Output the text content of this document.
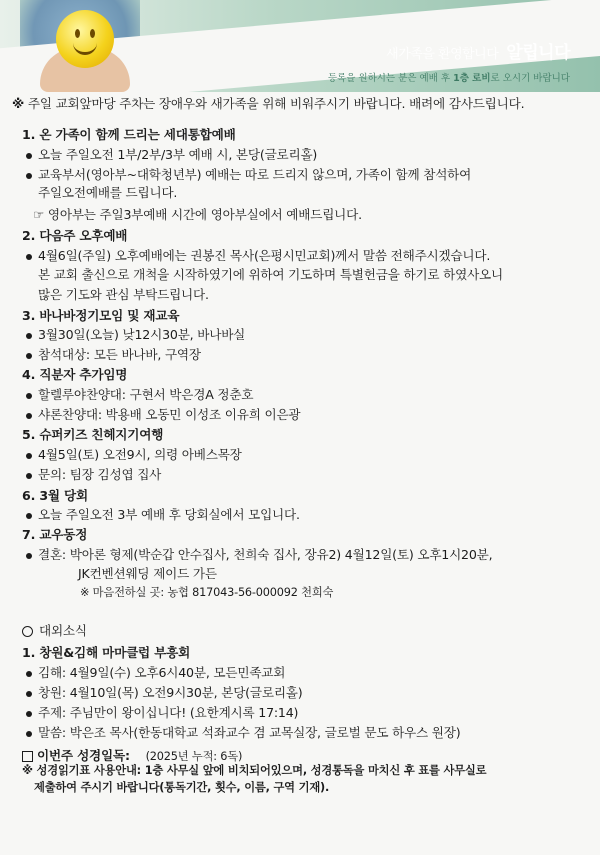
새가족을 환영합니다 알립니다
등록을 원하시는 분은 예배 후 1층 로비로 오시기 바랍니다
※ 주일 교회앞마당 주차는 장애우와 새가족을 위해 비워주시기 바랍니다. 배려에 감사드립니다.
1. 온 가족이 함께 드리는 세대통합예배
오늘 주일오전 1부/2부/3부 예배 시, 본당(글로리홀)
교육부서(영아부~대학청년부) 예배는 따로 드리지 않으며, 가족이 함께 참석하여
주일오전예배를 드립니다.
☞ 영아부는 주일3부예배 시간에 영아부실에서 예배드립니다.
2. 다음주 오후예배
4월6일(주일) 오후예배에는 권봉진 목사(은평시민교회)께서 말씀 전해주시겠습니다.
본 교회 출신으로 개척을 시작하였기에 위하여 기도하며 특별헌금을 하기로 하였사오니
많은 기도와 관심 부탁드립니다.
3. 바나바정기모임 및 재교육
3월30일(오늘) 낮12시30분, 바나바실
참석대상: 모든 바나바, 구역장
4. 직분자 추가임명
할렐루야찬양대: 구현서 박은경A 정춘호
샤론찬양대: 박용배 오동민 이성조 이유희 이은광
5. 슈퍼키즈 친헤지기여행
4월5일(토) 오전9시, 의령 아베스목장
문의: 팀장 김성엽 집사
6. 3월 당회
오늘 주일오전 3부 예배 후 당회실에서 모입니다.
7. 교우동정
결혼: 박아론 형제(박순갑 안수집사, 천희숙 집사, 장유2) 4월12일(토) 오후1시20분,
JK컨벤션웨딩 제이드 가든
※ 마음전하실 곳: 농협 817043-56-000092 천희숙
대외소식
1. 창원&김해 마마클럽 부흥회
김해: 4월9일(수) 오후6시40분, 모든민족교회
창원: 4월10일(목) 오전9시30분, 본당(글로리홀)
주제: 주님만이 왕이십니다! (요한계시록 17:14)
말씀: 박은조 목사(한동대학교 석좌교수 겸 교목실장, 글로벌 문도 하우스 원장)
이번주 성경일독: (2025년 누적: 6독)
※ 성경읽기표 사용안내: 1층 사무실 앞에 비치되어있으며, 성경통독을 마치신 후 표를 사무실로
제출하여 주시기 바랍니다(통독기간, 횟수, 이름, 구역 기재).
